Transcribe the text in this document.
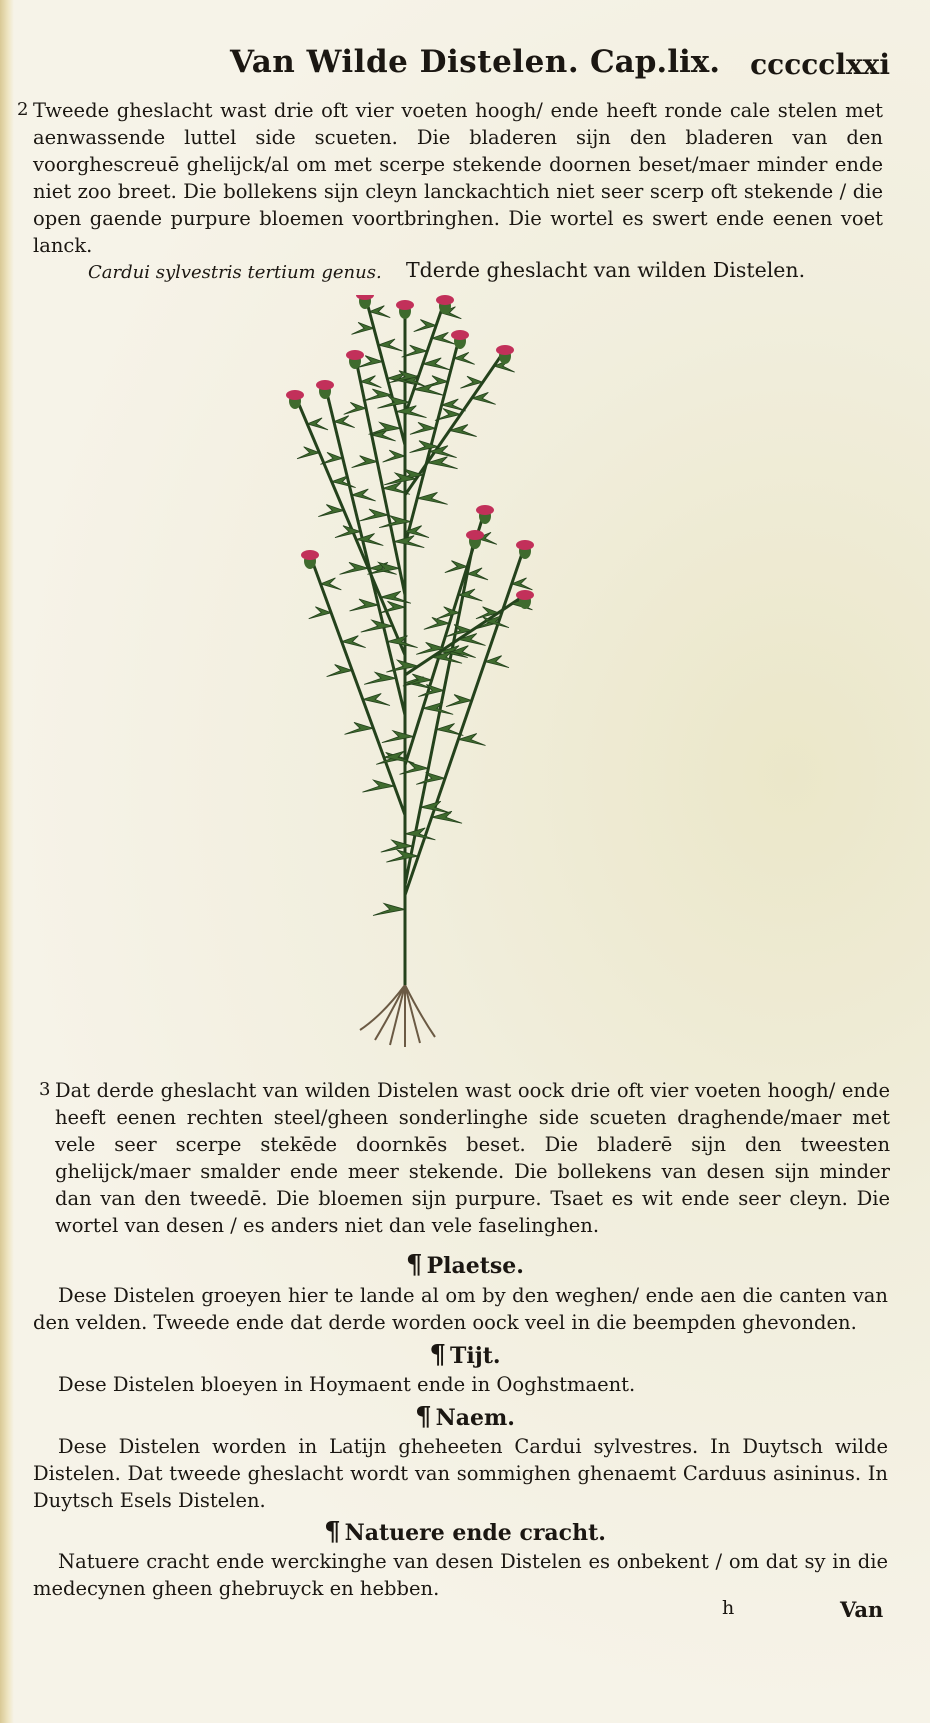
Van Wilde Distelen. Cap.lix. ccccclxxi
2 Tweede gheslacht wast drie oft vier voeten hoogh/ ende heeft ronde cale stelen met aenwassende luttel side scueten. Die bladeren sijn den bladeren van den voorghescreuē ghelijck/al om met scerpe stekende doornen beset/maer minder ende niet zoo breet. Die bollekens sijn cleyn lanckachtich niet seer scerp oft stekende / die open gaende purpure bloemen voortbringhen. Die wortel es swert ende eenen voet lanck.
Cardui sylvestris tertium genus. Tderde gheslacht van wilden Distelen.
3 Dat derde gheslacht van wilden Distelen wast oock drie oft vier voeten hoogh/ ende heeft eenen rechten steel/gheen sonderlinghe side scueten draghende/maer met vele seer scerpe stekēde doornkēs beset. Die bladerē sijn den tweesten ghelijck/maer smalder ende meer stekende. Die bollekens van desen sijn minder dan van den tweedē. Die bloemen sijn purpure. Tsaet es wit ende seer cleyn. Die wortel van desen / es anders niet dan vele faselinghen.
¶ Plaetse.
Dese Distelen groeyen hier te lande al om by den weghen/ ende aen die canten van den velden. Tweede ende dat derde worden oock veel in die beempden ghevonden.
¶ Tijt.
Dese Distelen bloeyen in Hoymaent ende in Ooghstmaent.
¶ Naem.
Dese Distelen worden in Latijn gheheeten Cardui sylvestres. In Duytsch wilde Distelen. Dat tweede gheslacht wordt van sommighen ghenaemt Carduus asininus. In Duytsch Esels Distelen.
¶ Natuere ende cracht.
Natuere cracht ende werckinghe van desen Distelen es onbekent / om dat sy in die medecynen gheen ghebruyck en hebben.
h	Van
